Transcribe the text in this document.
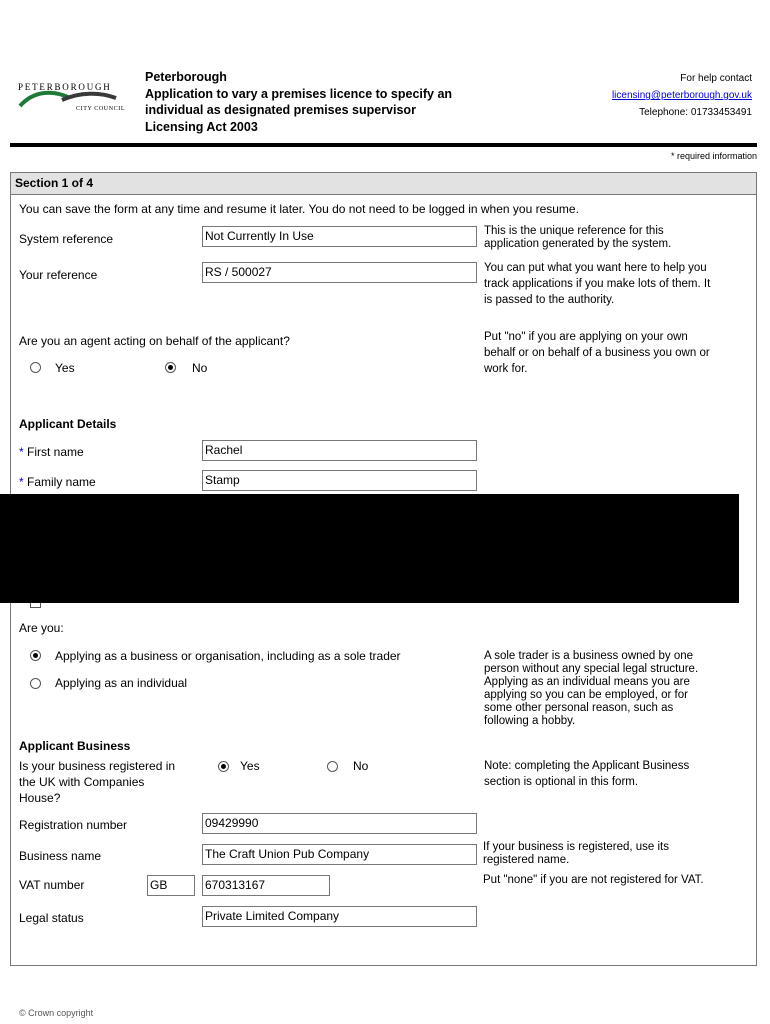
PETERBOROUGH
CITY COUNCIL
Peterborough
Application to vary a premises licence to specify an
individual as designated premises supervisor
Licensing Act 2003
For help contact
licensing@peterborough.gov.uk
Telephone: 01733453491
* required information
Section 1 of 4
You can save the form at any time and resume it later. You do not need to be logged in when you resume.
System reference	Not Currently In Use	This is the unique reference for this
application generated by the system.
Your reference	RS / 500027	You can put what you want here to help you
track applications if you make lots of them. It
is passed to the authority.
Are you an agent acting on behalf of the applicant?
Yes	No
Put "no" if you are applying on your own
behalf or on behalf of a business you own or
work for.
Applicant Details
* First name	Rachel
* Family name	Stamp
Are you:
Applying as a business or organisation, including as a sole trader
Applying as an individual
A sole trader is a business owned by one
person without any special legal structure.
Applying as an individual means you are
applying so you can be employed, or for
some other personal reason, such as
following a hobby.
Applicant Business
Is your business registered in
the UK with Companies
House?
Yes	No	Note: completing the Applicant Business
section is optional in this form.
Registration number	09429990
Business name	The Craft Union Pub Company	If your business is registered, use its
registered name.
VAT number	GB	670313167	Put "none" if you are not registered for VAT.
Legal status	Private Limited Company
© Crown copyright
